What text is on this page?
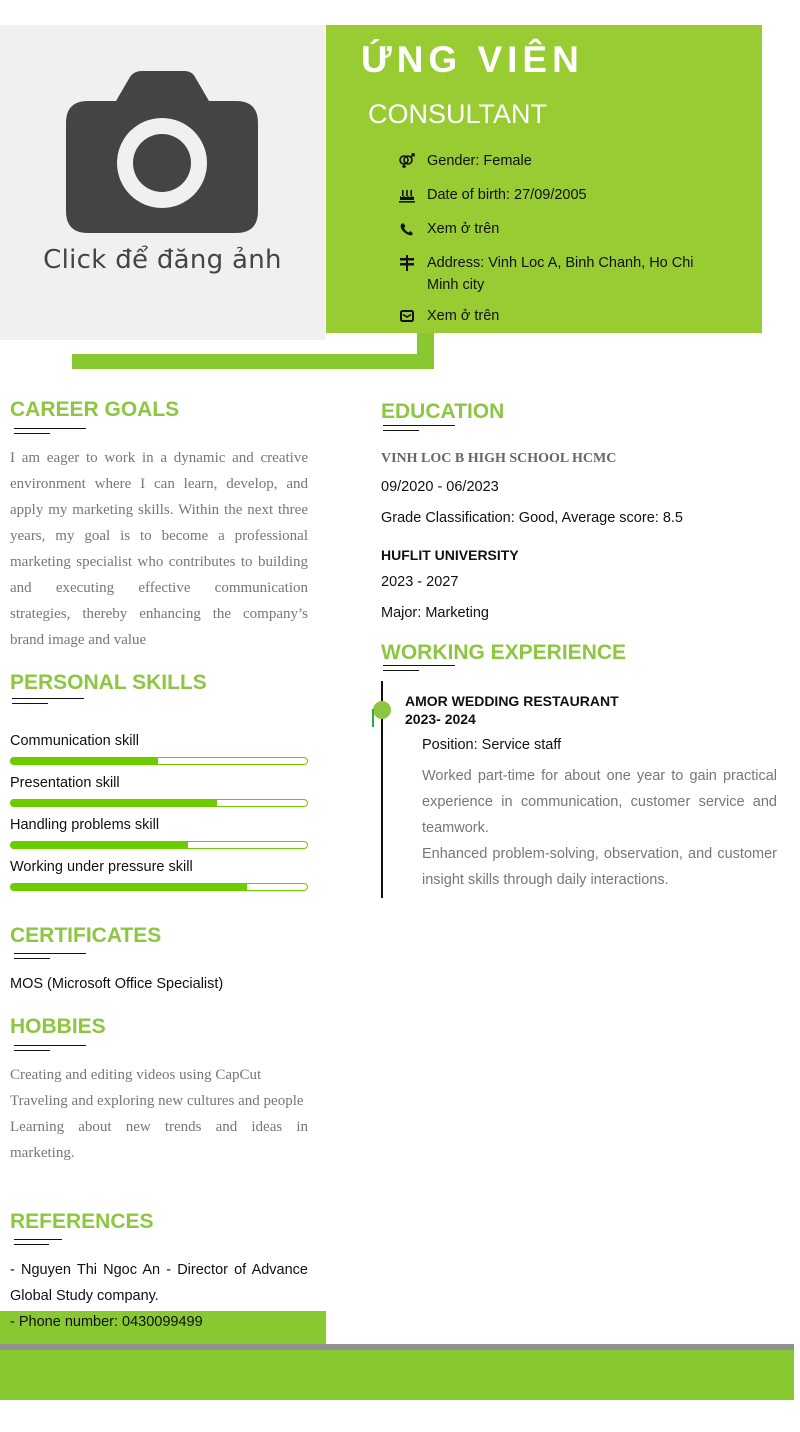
Click để đăng ảnh
ỨNG VIÊN
CONSULTANT
Gender: Female
Date of birth: 27/09/2005
Xem ở trên
Address: Vinh Loc A, Binh Chanh, Ho Chi Minh city
Xem ở trên
CAREER GOALS
I am eager to work in a dynamic and creative environment where I can learn, develop, and apply my marketing skills. Within the next three years, my goal is to become a professional marketing specialist who contributes to building and executing effective communication strategies, thereby enhancing the company’s brand image and value
PERSONAL SKILLS
Communication skill
Presentation skill
Handling problems skill
Working under pressure skill
CERTIFICATES
MOS (Microsoft Office Specialist)
HOBBIES
Creating and editing videos using CapCut
Traveling and exploring new cultures and people
Learning about new trends and ideas in marketing.
REFERENCES
- Nguyen Thi Ngoc An - Director of Advance Global Study company.
- Phone number: 0430099499
EDUCATION
VINH LOC B HIGH SCHOOL HCMC
09/2020 - 06/2023
Grade Classification: Good, Average score: 8.5
HUFLIT UNIVERSITY
2023 - 2027
Major: Marketing
WORKING EXPERIENCE
AMOR WEDDING RESTAURANT
2023- 2024
Position: Service staff
Worked part-time for about one year to gain practical experience in communication, customer service and teamwork.
Enhanced problem-solving, observation, and customer insight skills through daily interactions.
